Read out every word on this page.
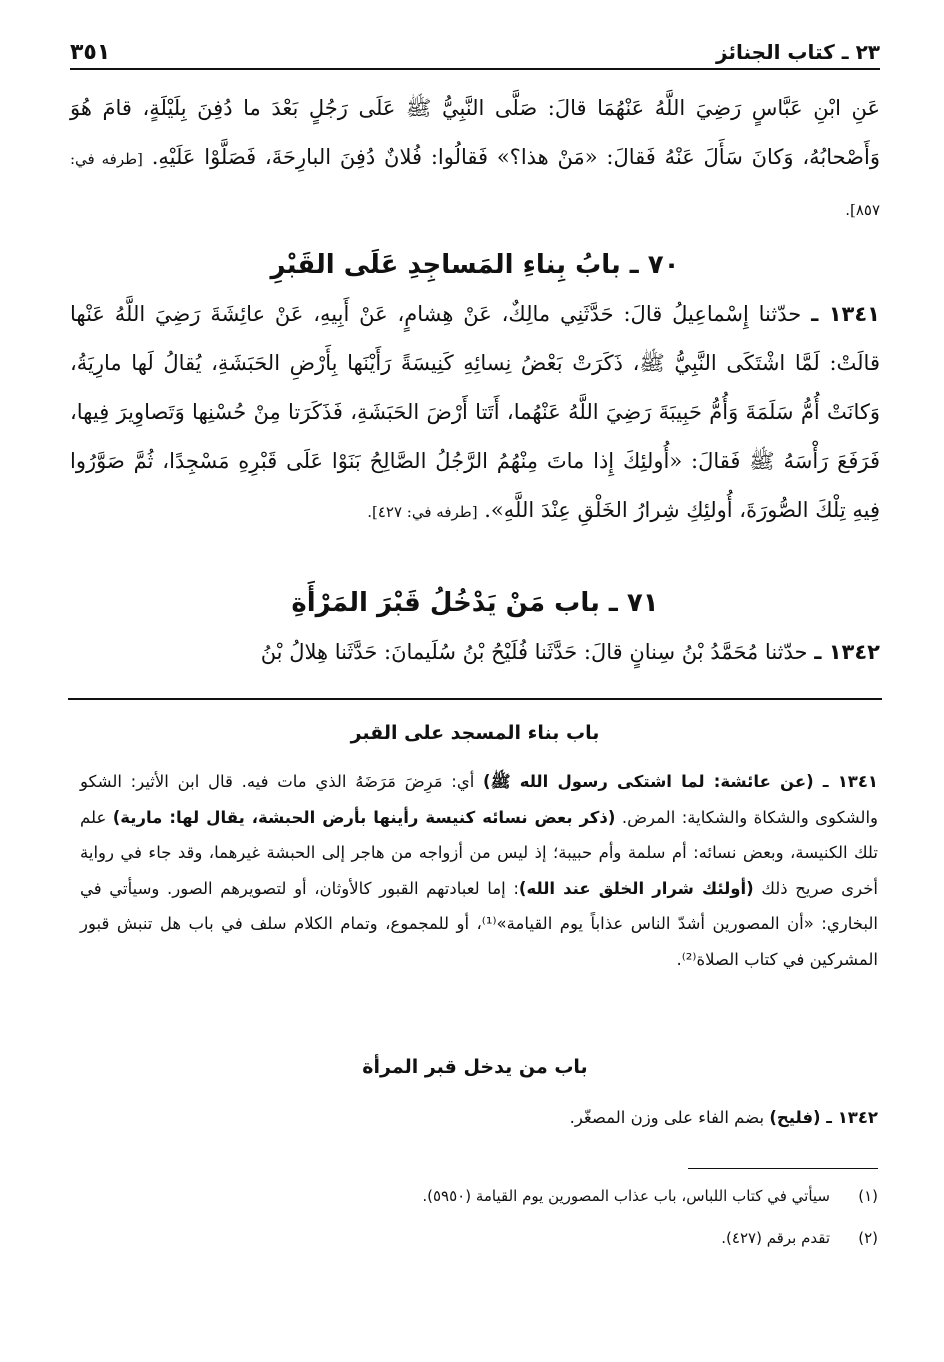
٢٣ ـ كتاب الجنائز
٣٥١
عَنِ ابْنِ عَبَّاسٍ رَضِيَ اللَّهُ عَنْهُمَا قالَ: صَلَّى النَّبِيُّ ﷺ عَلَى رَجُلٍ بَعْدَ ما دُفِنَ بِلَيْلَةٍ، قامَ هُوَ وَأَصْحابُهُ، وَكانَ سَأَلَ عَنْهُ فَقالَ: «مَنْ هذا؟» فَقالُوا: فُلانٌ دُفِنَ البارِحَةَ، فَصَلَّوْا عَلَيْهِ. [طرفه في: ٨٥٧].
٧٠ ـ بابُ بِناءِ المَساجِدِ عَلَى القَبْرِ
١٣٤١ ـ حدّثنا إِسْماعِيلُ قالَ: حَدَّثَنِي مالِكٌ، عَنْ هِشامٍ، عَنْ أَبِيهِ، عَنْ عائِشَةَ رَضِيَ اللَّهُ عَنْها قالَتْ: لَمَّا اشْتَكَى النَّبِيُّ ﷺ، ذَكَرَتْ بَعْضُ نِسائِهِ كَنِيسَةً رَأَيْنَها بِأَرْضِ الحَبَشَةِ، يُقالُ لَها مارِيَةُ، وَكانَتْ أُمُّ سَلَمَةَ وَأُمُّ حَبِيبَةَ رَضِيَ اللَّهُ عَنْهُما، أَتَتا أَرْضَ الحَبَشَةِ، فَذَكَرَتا مِنْ حُسْنِها وَتَصاوِيرَ فِيها، فَرَفَعَ رَأْسَهُ ﷺ فَقالَ: «أُولئِكَ إِذا ماتَ مِنْهُمُ الرَّجُلُ الصَّالِحُ بَنَوْا عَلَى قَبْرِهِ مَسْجِدًا، ثُمَّ صَوَّرُوا فِيهِ تِلْكَ الصُّورَةَ، أُولئِكِ شِرارُ الخَلْقِ عِنْدَ اللَّهِ». [طرفه في: ٤٢٧].
٧١ ـ باب مَنْ يَدْخُلُ قَبْرَ المَرْأَةِ
١٣٤٢ ـ حدّثنا مُحَمَّدُ بْنُ سِنانٍ قالَ: حَدَّثَنا فُلَيْحُ بْنُ سُلَيمانَ: حَدَّثَنا هِلالُ بْنُ
باب بناء المسجد على القبر
١٣٤١ ـ (عن عائشة: لما اشتكى رسول الله ﷺ) أي: مَرِضَ مَرَضَهُ الذي مات فيه. قال ابن الأثير: الشكو والشكوى والشكاة والشكاية: المرض. (ذكر بعض نسائه كنيسة رأينها بأرض الحبشة، يقال لها: مارية) علم تلك الكنيسة، وبعض نسائه: أم سلمة وأم حبيبة؛ إذ ليس من أزواجه من هاجر إلى الحبشة غيرهما، وقد جاء في رواية أخرى صريح ذلك (أولئك شرار الخلق عند الله): إما لعبادتهم القبور كالأوثان، أو لتصويرهم الصور. وسيأتي في البخاري: «أن المصورين أشدّ الناس عذاباً يوم القيامة»⁽¹⁾، أو للمجموع، وتمام الكلام سلف في باب هل تنبش قبور المشركين في كتاب الصلاة⁽²⁾.
باب من يدخل قبر المرأة
١٣٤٢ ـ (فليح) بضم الفاء على وزن المصغّر.
(١)سيأتي في كتاب اللباس، باب عذاب المصورين يوم القيامة (٥٩٥٠).
(٢)تقدم برقم (٤٢٧).
